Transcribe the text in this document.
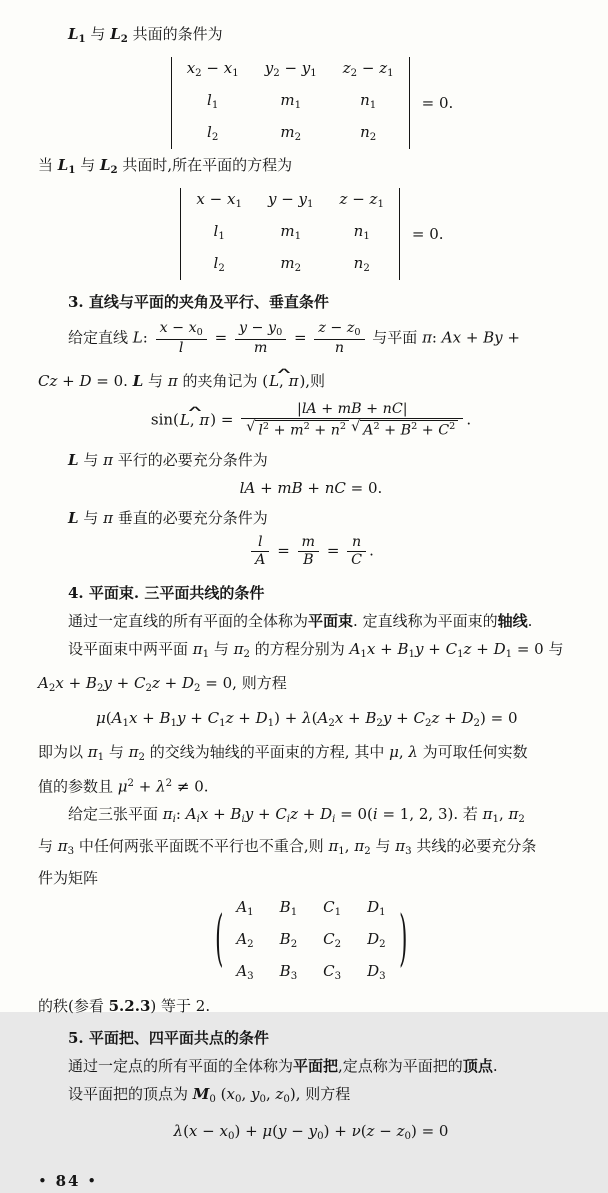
$L_1$ 与 $L_2$ 共面的条件为
$x_2 - x_1$	$y_2 - y_1$	$z_2 - z_1$
$l_1$	$m_1$	$n_1$
$l_2$	$m_2$	$n_2$
= 0.
当 $L_1$ 与 $L_2$ 共面时,所在平面的方程为
$x - x_1$	$y - y_1$	$z - z_1$
$l_1$	$m_1$	$n_1$
$l_2$	$m_2$	$n_2$
= 0.
3. 直线与平面的夹角及平行、垂直条件
给定直线 L: $\frac{x - x_0}{l} = \frac{y - y_0}{m} = \frac{z - z_0}{n}$ 与平面 π: Ax + By +
Cz + D = 0. L 与 π 的夹角记为 (∧ L, π),则
sin(∧ L, $\pi) = \frac{|lA + mB + nC|}{√ l^2 + m^2 + n^2 √ A^2 + B^2 + C^2}$ .
L 与 π 平行的必要充分条件为
lA + mB + nC = 0.
L 与 π 垂直的必要充分条件为
$\frac{l}{A} = \frac{m}{B} = \frac{n}{C}$ .
4. 平面束. 三平面共线的条件
通过一定直线的所有平面的全体称为平面束. 定直线称为平面束的轴线.
设平面束中两平面 $\pi_1$ 与 $\pi_2$ 的方程分别为 $A_1x + B_1y + C_1z + D_1 = 0$ 与
$A_2x + B_2y + C_2z + D_2 = 0$, 则方程
$\mu(A_1x + B_1y + C_1z + D_1) + \lambda(A_2x + B_2y + C_2z + D_2) = 0$
即为以 $\pi_1$ 与 $\pi_2$ 的交线为轴线的平面束的方程, 其中 μ, λ 为可取任何实数
值的参数且 $\mu^2 + \lambda^2 \ne 0$.
给定三张平面 $\pi_i$: $A_ix + B_iy + C_iz + D_i = 0(i = 1$, 2, 3). 若 $\pi_1$, $\pi_2$
与 $\pi_3$ 中任何两张平面既不平行也不重合,则 $\pi_1$, $\pi_2$ 与 $\pi_3$ 共线的必要充分条
件为矩阵
( $A_1$	$B_1$	$C_1$	$D_1$
$A_2$	$B_2$	$C_2$	$D_2$
$A_3$	$B_3$	$C_3$	$D_3$
)
的秩(参看 5.2.3) 等于 2.
5. 平面把、四平面共点的条件
通过一定点的所有平面的全体称为平面把,定点称为平面把的顶点.
设平面把的顶点为 $M_0$ ($x_0$, $y_0$, $z_0$), 则方程
$\lambda(x - x_0) + \mu(y - y_0) + \nu(z - z_0) = 0$
• 84 •
